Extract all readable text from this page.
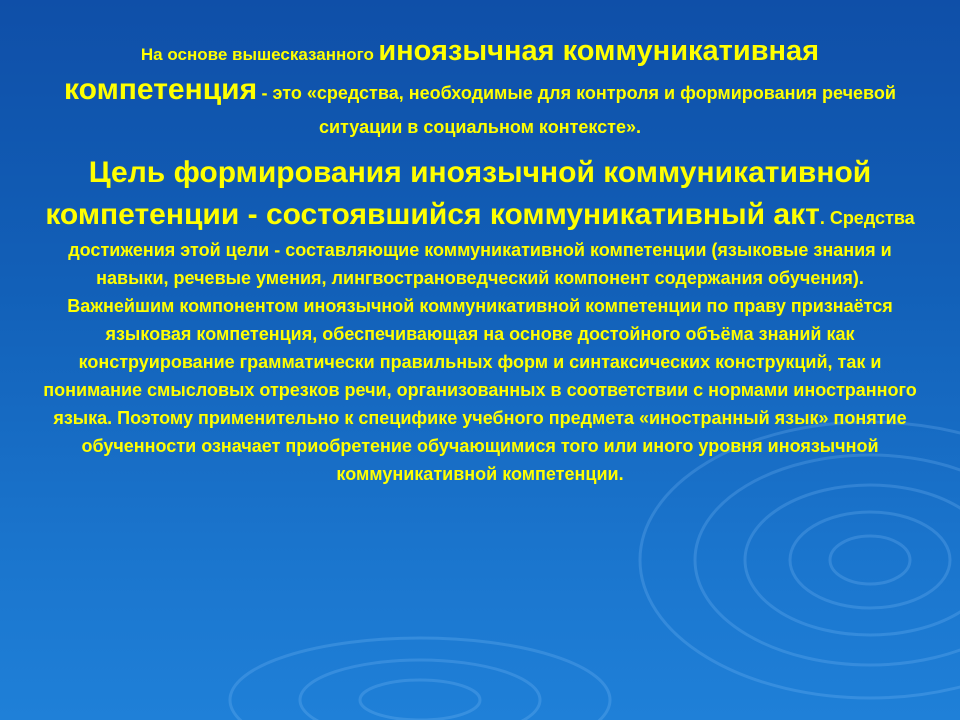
На основе вышесказанного иноязычная коммуникативная
компетенция - это «средства, необходимые для контроля и формирования речевой ситуации в социальном контексте».

Цель формирования иноязычной коммуникативной компетенции - состоявшийся коммуникативный акт. Средства достижения этой цели - составляющие коммуникативной компетенции (языковые знания и навыки, речевые умения, лингвострановедческий компонент содержания обучения).

Важнейшим компонентом иноязычной коммуникативной компетенции по праву признаётся языковая компетенция, обеспечивающая на основе достойного объёма знаний как конструирование грамматически правильных форм и синтаксических конструкций, так и понимание смысловых отрезков речи, организованных в соответствии с нормами иностранного языка. Поэтому применительно к специфике учебного предмета «иностранный язык» понятие обученности означает приобретение обучающимися того или иного уровня иноязычной коммуникативной компетенции.
